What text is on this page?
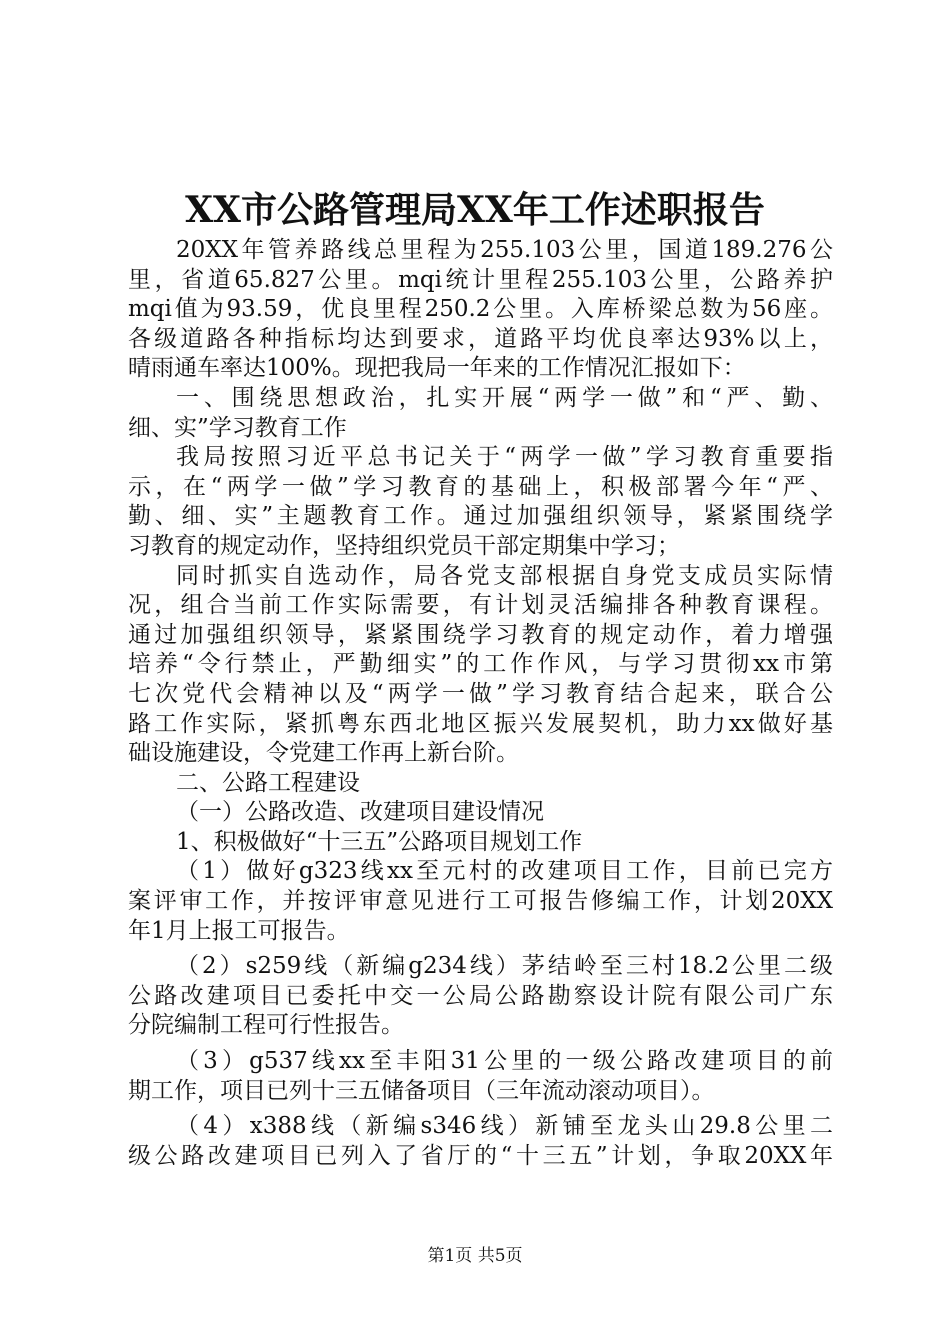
XX市公路管理局XX年工作述职报告
20XX年管养路线总里程为255.103公里，国道189.276公
里，省道65.827公里。mqi统计里程255.103公里，公路养护
mqi值为93.59，优良里程250.2公里。入库桥梁总数为56座。
各级道路各种指标均达到要求，道路平均优良率达93%以上，
晴雨通车率达100%。现把我局一年来的工作情况汇报如下：
一、围绕思想政治，扎实开展“两学一做”和“严、勤、
细、实”学习教育工作
我局按照习近平总书记关于“两学一做”学习教育重要指
示，在“两学一做”学习教育的基础上，积极部署今年“严、
勤、细、实”主题教育工作。通过加强组织领导，紧紧围绕学
习教育的规定动作，坚持组织党员干部定期集中学习；
同时抓实自选动作，局各党支部根据自身党支成员实际情
况，组合当前工作实际需要，有计划灵活编排各种教育课程。
通过加强组织领导，紧紧围绕学习教育的规定动作，着力增强
培养“令行禁止，严勤细实”的工作作风，与学习贯彻xx市第
七次党代会精神以及“两学一做”学习教育结合起来，联合公
路工作实际，紧抓粤东西北地区振兴发展契机，助力xx做好基
础设施建设，令党建工作再上新台阶。
二、公路工程建设
（一）公路改造、改建项目建设情况
1、积极做好“十三五”公路项目规划工作
（1）做好g323线xx至元村的改建项目工作，目前已完方
案评审工作，并按评审意见进行工可报告修编工作，计划20XX
年1月上报工可报告。
（2）s259线（新编g234线）茅结岭至三村18.2公里二级
公路改建项目已委托中交一公局公路勘察设计院有限公司广东
分院编制工程可行性报告。
（3）g537线xx至丰阳31公里的一级公路改建项目的前
期工作，项目已列十三五储备项目（三年流动滚动项目）。
（4）x388线（新编s346线）新铺至龙头山29.8公里二
级公路改建项目已列入了省厅的“十三五”计划，争取20XX年
第1页 共5页
